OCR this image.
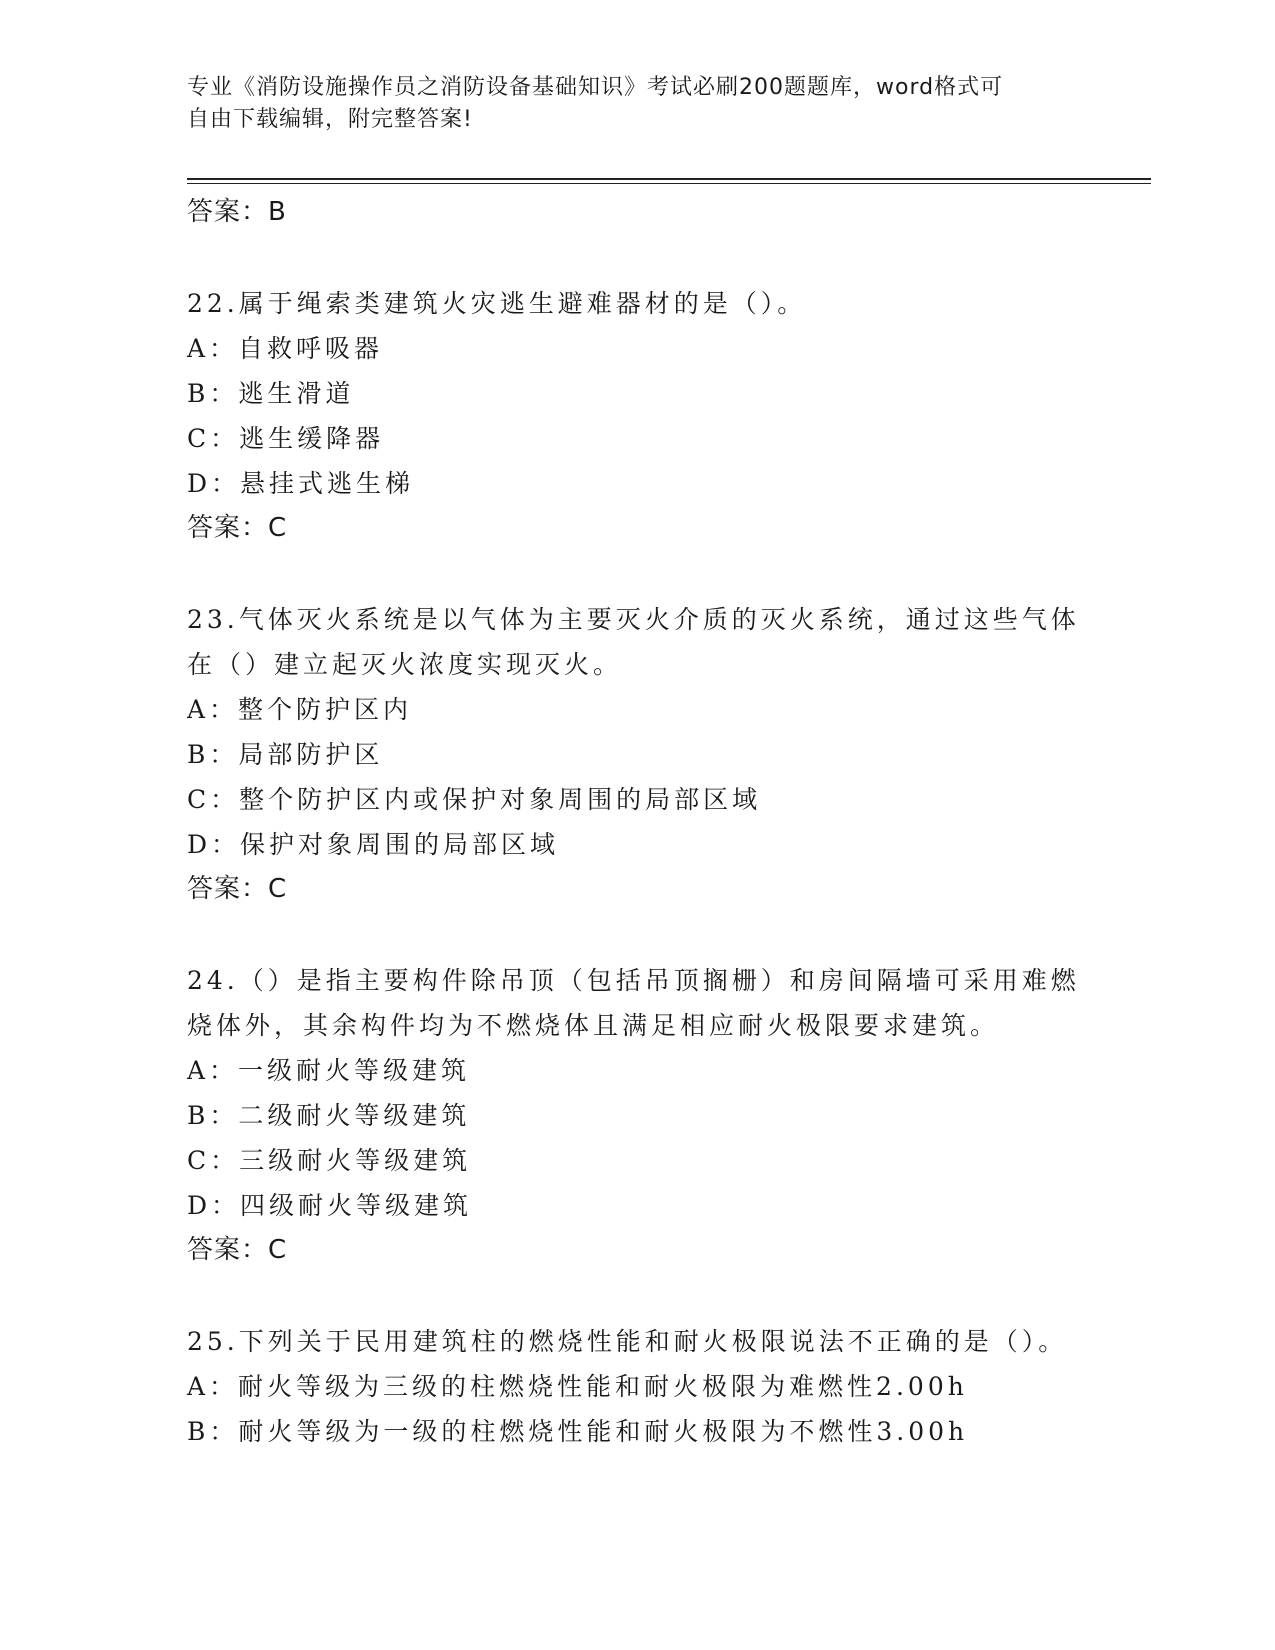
专业《消防设施操作员之消防设备基础知识》考试必刷200题题库，word格式可
自由下载编辑，附完整答案!
答案：B
22.属于绳索类建筑火灾逃生避难器材的是（）。
A：自救呼吸器
B：逃生滑道
C：逃生缓降器
D：悬挂式逃生梯
答案：C
23.气体灭火系统是以气体为主要灭火介质的灭火系统，通过这些气体
在（）建立起灭火浓度实现灭火。
A：整个防护区内
B：局部防护区
C：整个防护区内或保护对象周围的局部区域
D：保护对象周围的局部区域
答案：C
24.（）是指主要构件除吊顶（包括吊顶搁栅）和房间隔墙可采用难燃
烧体外，其余构件均为不燃烧体且满足相应耐火极限要求建筑。
A：一级耐火等级建筑
B：二级耐火等级建筑
C：三级耐火等级建筑
D：四级耐火等级建筑
答案：C
25.下列关于民用建筑柱的燃烧性能和耐火极限说法不正确的是（）。
A：耐火等级为三级的柱燃烧性能和耐火极限为难燃性2.00h
B：耐火等级为一级的柱燃烧性能和耐火极限为不燃性3.00h
